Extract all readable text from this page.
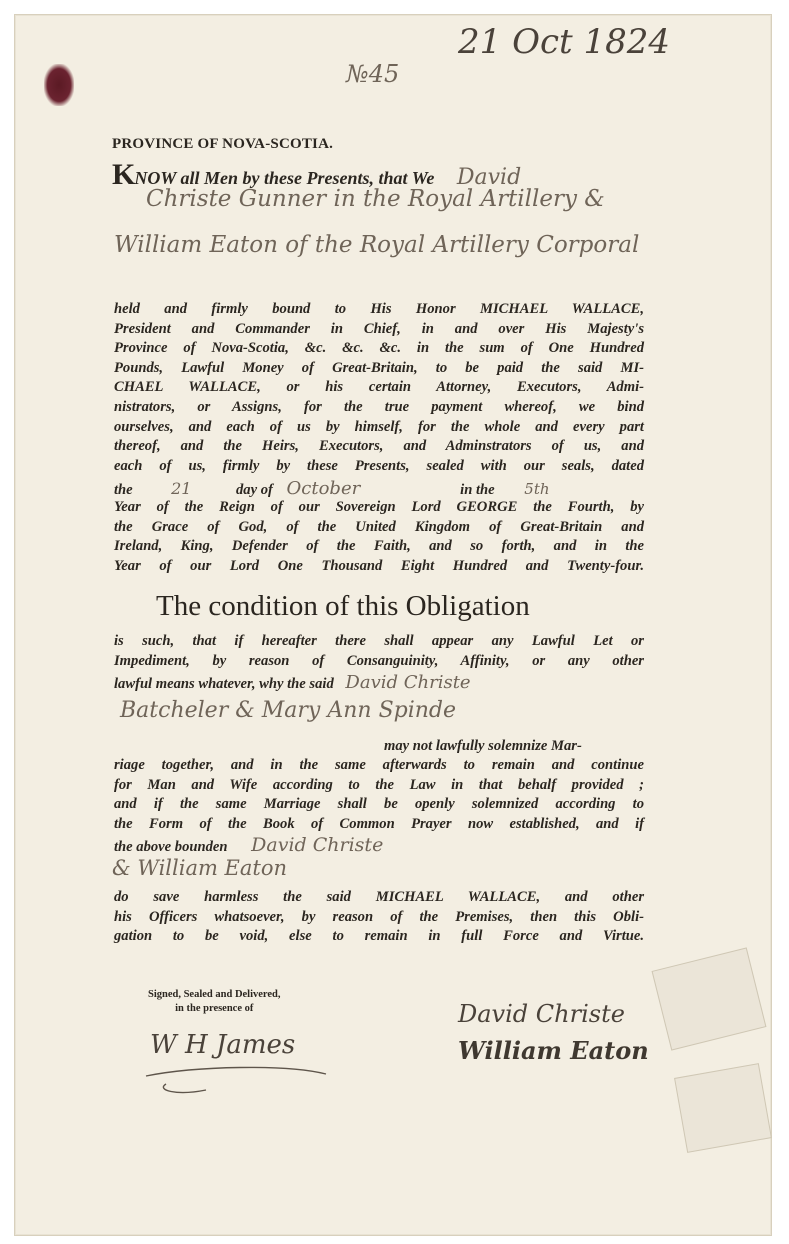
№45
21 Oct 1824
PROVINCE OF NOVA-SCOTIA.
KNOW all Men by these Presents, that We David
Christe Gunner in the Royal Artillery &
William Eaton of the Royal Artillery Corporal
held and firmly bound to His Honor MICHAEL WALLACE,
President and Commander in Chief, in and over His Majesty's
Province of Nova-Scotia, &c. &c. &c. in the sum of One Hundred
Pounds, Lawful Money of Great-Britain, to be paid the said MI-
CHAEL WALLACE, or his certain Attorney, Executors, Admi-
nistrators, or Assigns, for the true payment whereof, we bind
ourselves, and each of us by himself, for the whole and every part
thereof, and the Heirs, Executors, and Adminstrators of us, and
each of us, firmly by these Presents, sealed with our seals, dated
the 21	day of October	in the 5th
Year of the Reign of our Sovereign Lord GEORGE the Fourth, by
the Grace of God, of the United Kingdom of Great-Britain and
Ireland, King, Defender of the Faith, and so forth, and in the
Year of our Lord One Thousand Eight Hundred and Twenty-four.
The condition of this Obligation
is such, that if hereafter there shall appear any Lawful Let or
Impediment, by reason of Consanguinity, Affinity, or any other
lawful means whatever, why the said David Christe
Batcheler & Mary Ann Spinde
may not lawfully solemnize Mar-
riage together, and in the same afterwards to remain and continue
for Man and Wife according to the Law in that behalf provided ;
and if the same Marriage shall be openly solemnized according to
the Form of the Book of Common Prayer now established, and if
the above bounden David Christe
& William Eaton
do save harmless the said MICHAEL WALLACE, and other
his Officers whatsoever, by reason of the Premises, then this Obli-
gation to be void, else to remain in full Force and Virtue.
Signed, Sealed and Delivered,
in the presence of
W H James
David Christe
William Eaton
